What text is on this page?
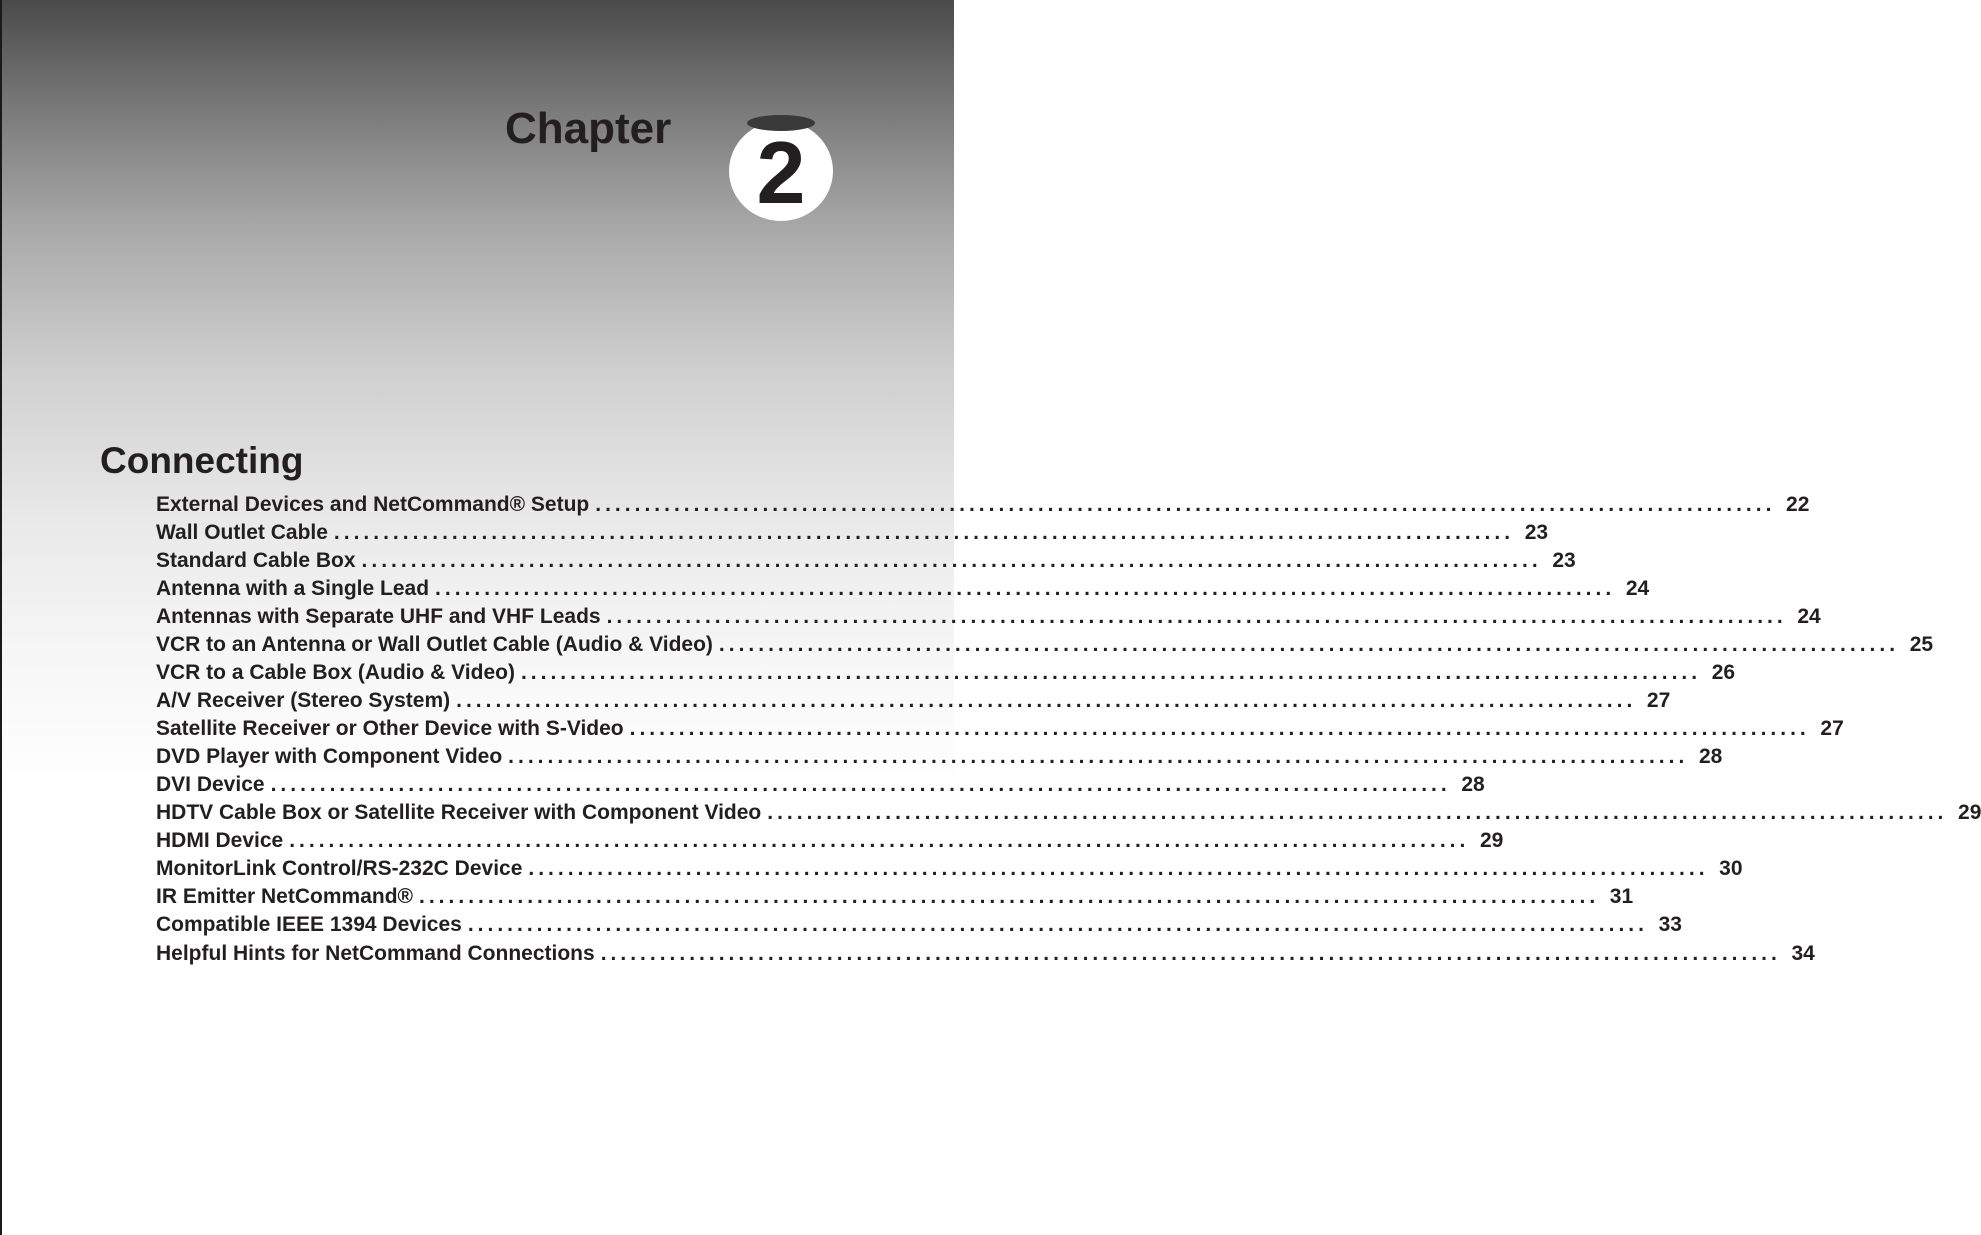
Chapter 2
Connecting
External Devices and NetCommand® Setup ........................................................................................................................ 22
Wall Outlet Cable ........................................................................................................................ 23
Standard Cable Box ........................................................................................................................ 23
Antenna with a Single Lead ........................................................................................................................ 24
Antennas with Separate UHF and VHF Leads ........................................................................................................................ 24
VCR to an Antenna or Wall Outlet Cable (Audio & Video) ........................................................................................................................ 25
VCR to a Cable Box (Audio & Video) ........................................................................................................................ 26
A/V Receiver (Stereo System) ........................................................................................................................ 27
Satellite Receiver or Other Device with S-Video ........................................................................................................................ 27
DVD Player with Component Video ........................................................................................................................ 28
DVI Device ........................................................................................................................ 28
HDTV Cable Box or Satellite Receiver with Component Video ........................................................................................................................ 29
HDMI Device ........................................................................................................................ 29
MonitorLink Control/RS-232C Device ........................................................................................................................ 30
IR Emitter NetCommand® ........................................................................................................................ 31
Compatible IEEE 1394 Devices ........................................................................................................................ 33
Helpful Hints for NetCommand Connections ........................................................................................................................ 34
